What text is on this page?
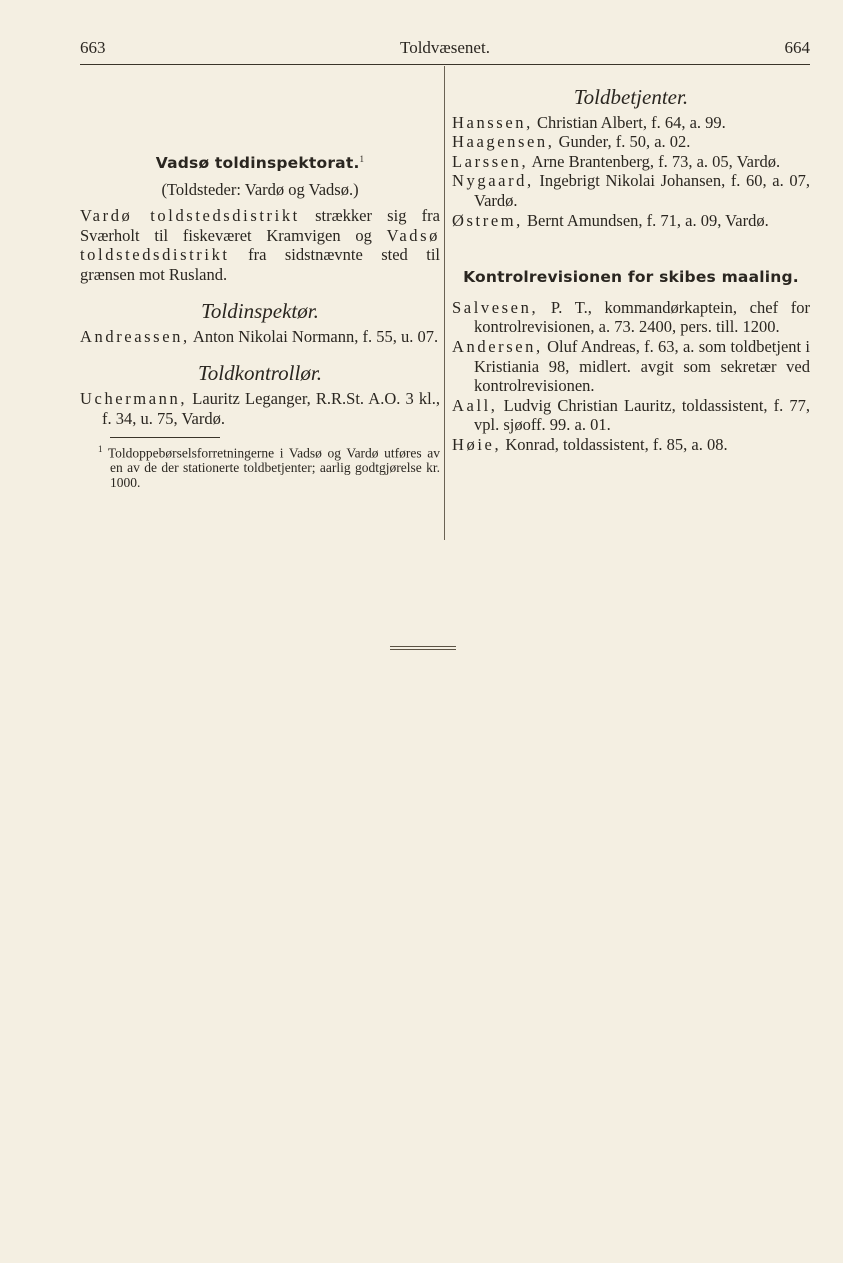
663	Toldvæsenet.	664
Vadsø toldinspektorat.$^1$
(Toldsteder: Vardø og Vadsø.)
Vardø toldstedsdistrikt strækker sig fra Sværholt til fiskeværet Kramvigen og Vadsø toldstedsdistrikt fra sidstnævnte sted til grænsen mot Rusland.
Toldinspektør.
Andreassen, Anton Nikolai Normann, f. 55, u. 07.
Toldkontrollør.
Uchermann, Lauritz Leganger, R.R.St. A.O. 3 kl., f. 34, u. 75, Vardø.
$^1$ Toldoppebørselsforretningerne i Vadsø og Vardø utføres av en av de der stationerte toldbetjenter; aarlig godtgjørelse kr. 1000.
Toldbetjenter.
Hanssen, Christian Albert, f. 64, a. 99.
Haagensen, Gunder, f. 50, a. 02.
Larssen, Arne Brantenberg, f. 73, a. 05, Vardø.
Nygaard, Ingebrigt Nikolai Johansen, f. 60, a. 07, Vardø.
Østrem, Bernt Amundsen, f. 71, a. 09, Vardø.
Kontrolrevisionen for skibes maaling.
Salvesen, P. T., kommandørkaptein, chef for kontrolrevisionen, a. 73. 2400, pers. till. 1200.
Andersen, Oluf Andreas, f. 63, a. som toldbetjent i Kristiania 98, midlert. avgit som sekretær ved kontrolrevisionen.
Aall, Ludvig Christian Lauritz, toldassistent, f. 77, vpl. sjøoff. 99. a. 01.
Høie, Konrad, toldassistent, f. 85, a. 08.
